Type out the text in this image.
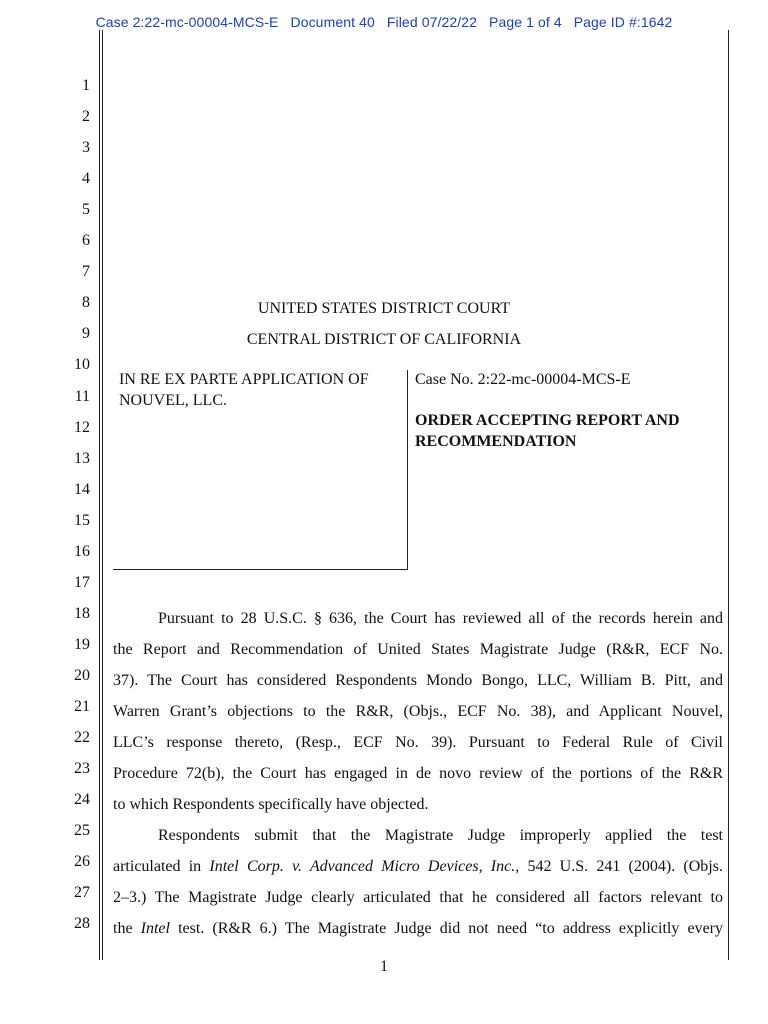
Case 2:22-mc-00004-MCS-E Document 40 Filed 07/22/22 Page 1 of 4 Page ID #:1642
1
2
3
4
5
6
7
8
9
10
11
12
13
14
15
16
17
18
19
20
21
22
23
24
25
26
27
28
UNITED STATES DISTRICT COURT
CENTRAL DISTRICT OF CALIFORNIA
IN RE EX PARTE APPLICATION OF
NOUVEL, LLC.
Case No. 2:22-mc-00004-MCS-E
ORDER ACCEPTING REPORT AND
RECOMMENDATION
Pursuant to 28 U.S.C. § 636, the Court has reviewed all of the records herein and
the Report and Recommendation of United States Magistrate Judge (R&R, ECF No.
37). The Court has considered Respondents Mondo Bongo, LLC, William B. Pitt, and
Warren Grant’s objections to the R&R, (Objs., ECF No. 38), and Applicant Nouvel,
LLC’s response thereto, (Resp., ECF No. 39). Pursuant to Federal Rule of Civil
Procedure 72(b), the Court has engaged in de novo review of the portions of the R&R
to which Respondents specifically have objected.
Respondents submit that the Magistrate Judge improperly applied the test
articulated in Intel Corp. v. Advanced Micro Devices, Inc., 542 U.S. 241 (2004). (Objs.
2–3.) The Magistrate Judge clearly articulated that he considered all factors relevant to
the Intel test. (R&R 6.) The Magistrate Judge did not need “to address explicitly every
1
